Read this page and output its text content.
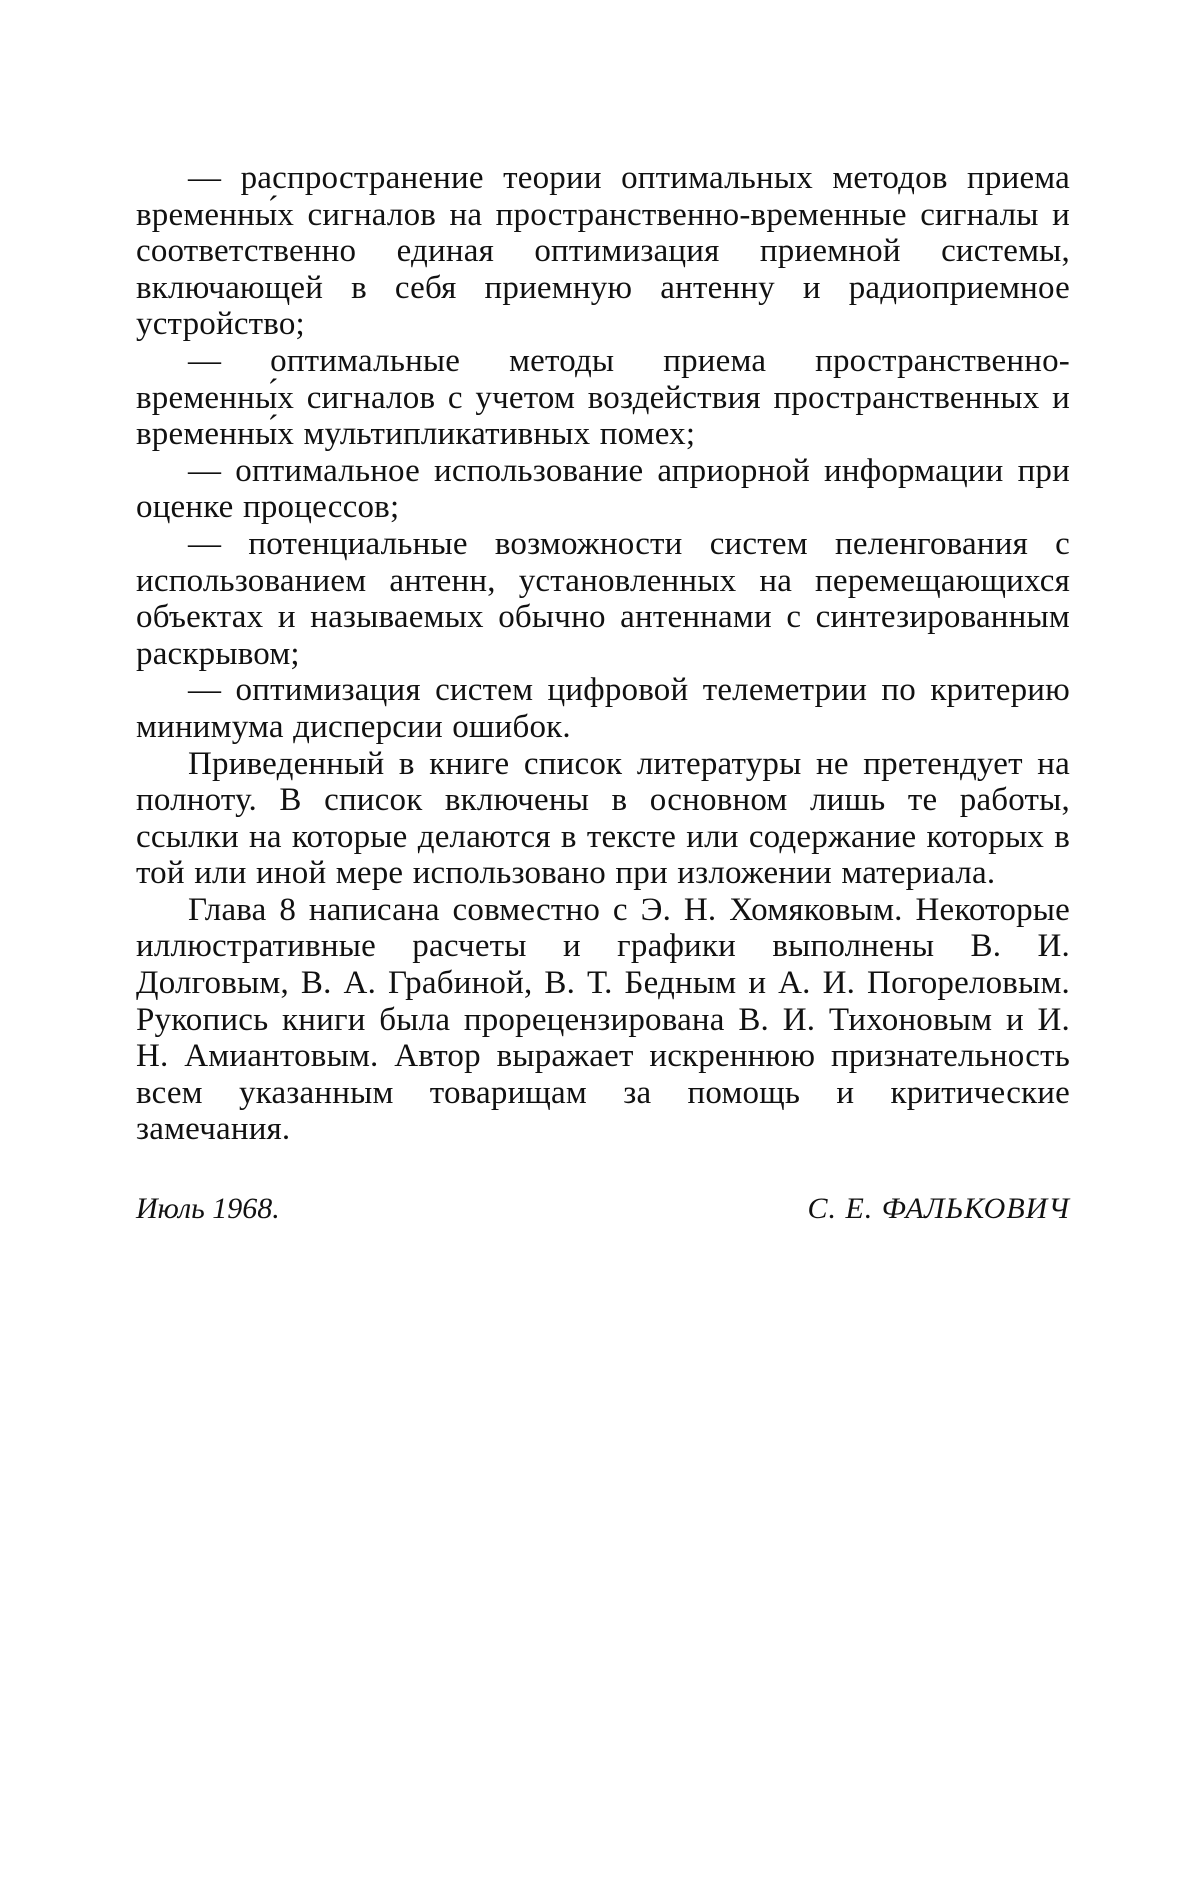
— распространение теории оптимальных методов приема временны́х сигналов на пространственно-временные сигналы и соответственно единая оптимизация приемной системы, включающей в себя приемную антенну и радиоприемное устройство;

— оптимальные методы приема пространственно-временны́х сигналов с учетом воздействия пространственных и временны́х мультипликативных помех;

— оптимальное использование априорной информации при оценке процессов;

— потенциальные возможности систем пеленгования с использованием антенн, установленных на перемещающихся объектах и называемых обычно антеннами с синтезированным раскрывом;

— оптимизация систем цифровой телеметрии по критерию минимума дисперсии ошибок.

Приведенный в книге список литературы не претендует на полноту. В список включены в основном лишь те работы, ссылки на которые делаются в тексте или содержание которых в той или иной мере использовано при изложении материала.

Глава 8 написана совместно с Э. Н. Хомяковым. Некоторые иллюстративные расчеты и графики выполнены В. И. Долговым, В. А. Грабиной, В. Т. Бедным и А. И. Погореловым. Рукопись книги была прорецензирована В. И. Тихоновым и И. Н. Амиантовым. Автор выражает искреннюю признательность всем указанным товарищам за помощь и критические замечания.

Июль 1968.	С. Е. ФАЛЬКОВИЧ
